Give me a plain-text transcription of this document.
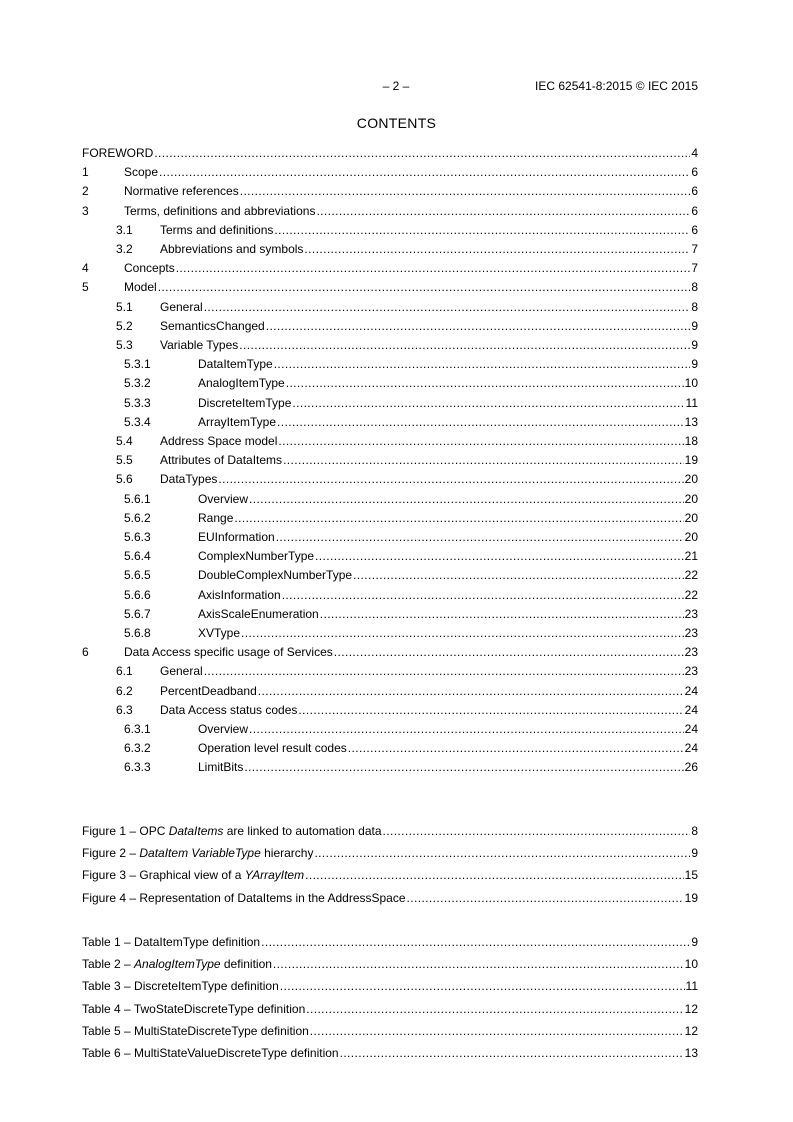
– 2 –	IEC 62541-8:2015 © IEC 2015
CONTENTS
FOREWORD .....	4
1	Scope .....	6
2	Normative references .....	6
3	Terms, definitions and abbreviations .....	6
3.1 Terms and definitions .....	6
3.2 Abbreviations and symbols .....	7
4	Concepts .....	7
5	Model .....	8
5.1 General .....	8
5.2 SemanticsChanged .....	9
5.3 Variable Types .....	9
5.3.1	DataItemType .....	9
5.3.2	AnalogItemType .....	10
5.3.3	DiscreteItemType .....	11
5.3.4	ArrayItemType .....	13
5.4 Address Space model .....	18
5.5 Attributes of DataItems .....	19
5.6 DataTypes .....	20
5.6.1	Overview .....	20
5.6.2	Range .....	20
5.6.3	EUInformation .....	20
5.6.4	ComplexNumberType .....	21
5.6.5	DoubleComplexNumberType .....	22
5.6.6	AxisInformation .....	22
5.6.7	AxisScaleEnumeration .....	23
5.6.8	XVType .....	23
6	Data Access specific usage of Services .....	23
6.1 General .....	23
6.2 PercentDeadband .....	24
6.3 Data Access status codes .....	24
6.3.1	Overview .....	24
6.3.2	Operation level result codes .....	24
6.3.3	LimitBits .....	26
Figure 1 – OPC DataItems are linked to automation data .....	8
Figure 2 – DataItem VariableType hierarchy .....	9
Figure 3 – Graphical view of a YArrayItem .....	15
Figure 4 – Representation of DataItems in the AddressSpace .....	19
Table 1 – DataItemType definition .....	9
Table 2 – AnalogItemType definition .....	10
Table 3 – DiscreteItemType definition .....	11
Table 4 – TwoStateDiscreteType definition .....	12
Table 5 – MultiStateDiscreteType definition .....	12
Table 6 – MultiStateValueDiscreteType definition .....	13
